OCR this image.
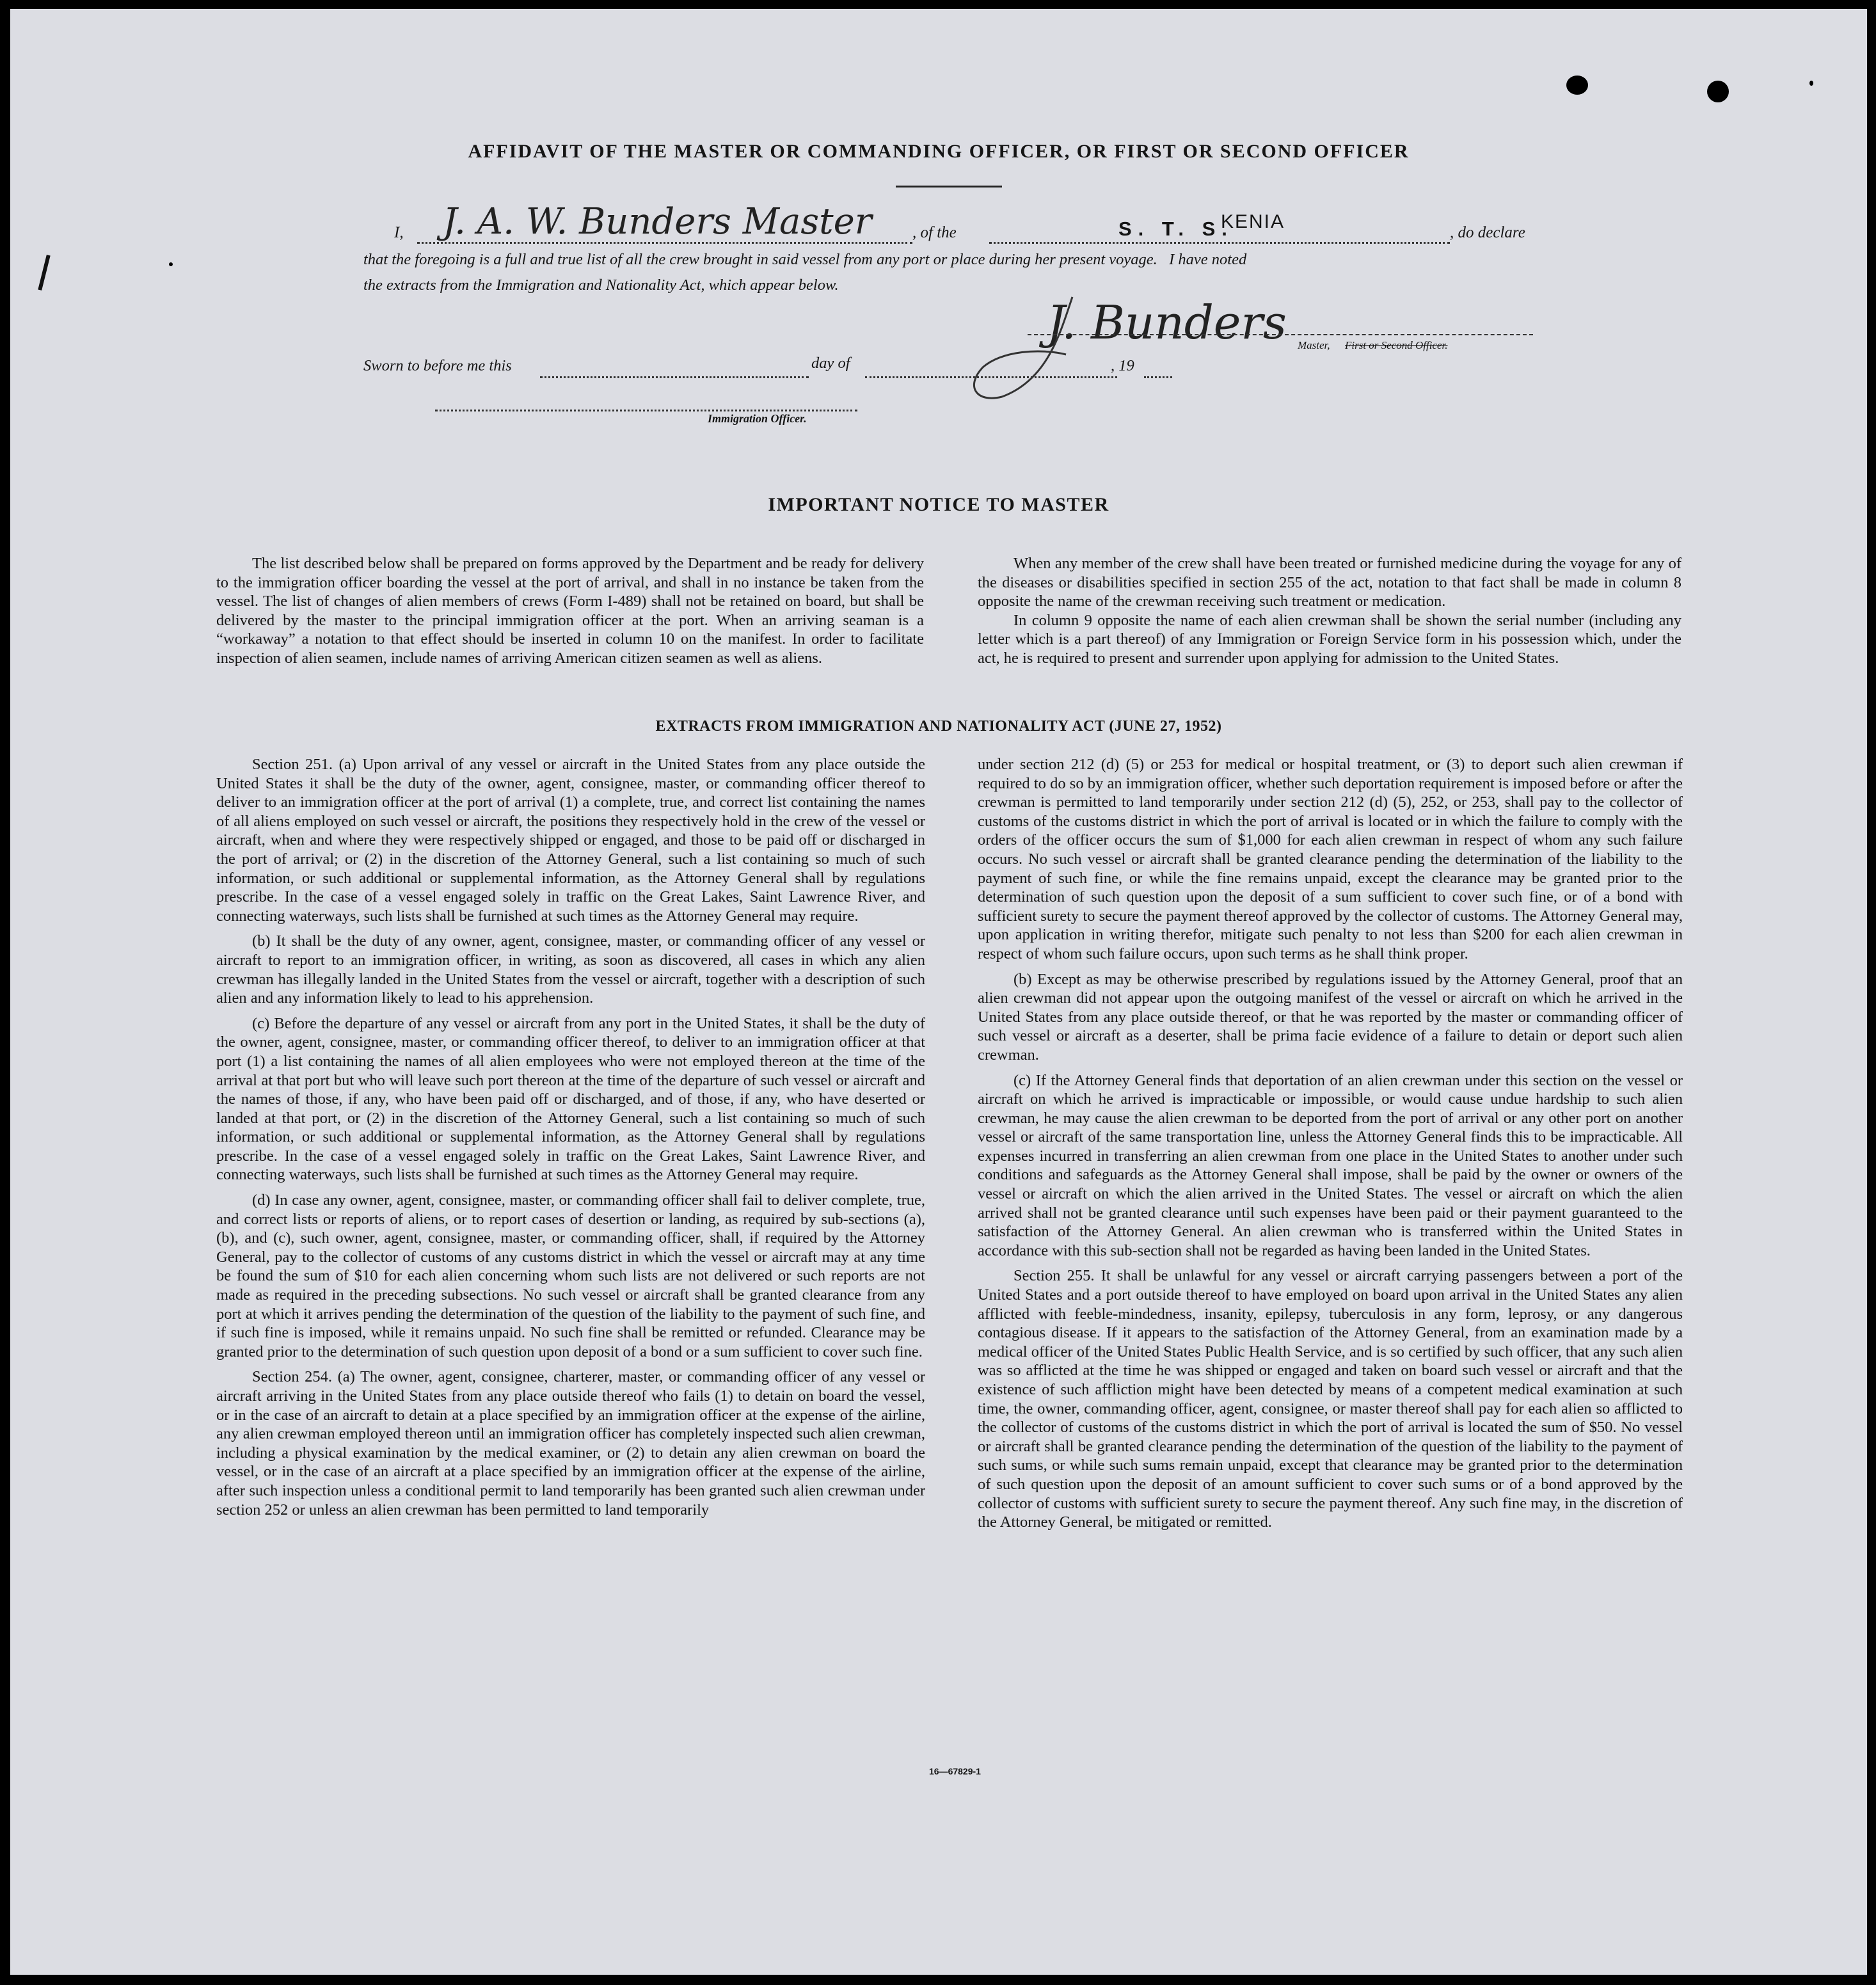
AFFIDAVIT OF THE MASTER OR COMMANDING OFFICER, OR FIRST OR SECOND OFFICER
I, J. A. W. Bunders Master	, of the	S. T. S.
KENIA
, do declare
that the foregoing is a full and true list of all the crew brought in said vessel from any port or place during her present voyage.   I have noted
the extracts from the Immigration and Nationality Act, which appear below.
J. Bunders Master, First or Second Officer.
Sworn to before me this	day of	, 19
Immigration Officer.
IMPORTANT NOTICE TO MASTER

The list described below shall be prepared on forms approved by the Department and be ready for delivery to the immigration officer boarding the vessel at the port of arrival, and shall in no instance be taken from the vessel. The list of changes of alien members of crews (Form I-489) shall not be retained on board, but shall be delivered by the master to the principal immigration officer at the port. When an arriving seaman is a “workaway” a notation to that effect should be inserted in column 10 on the manifest. In order to facilitate inspection of alien seamen, include names of arriving American citizen seamen as well as aliens.

When any member of the crew shall have been treated or furnished medicine during the voyage for any of the diseases or disabilities specified in section 255 of the act, notation to that fact shall be made in column 8 opposite the name of the crewman receiving such treatment or medication.

In column 9 opposite the name of each alien crewman shall be shown the serial number (including any letter which is a part thereof) of any Immigration or Foreign Service form in his possession which, under the act, he is required to present and surrender upon applying for admission to the United States.

EXTRACTS FROM IMMIGRATION AND NATIONALITY ACT (JUNE 27, 1952)

Section 251. (a) Upon arrival of any vessel or aircraft in the United States from any place outside the United States it shall be the duty of the owner, agent, consignee, master, or commanding officer thereof to deliver to an immigration officer at the port of arrival (1) a complete, true, and correct list containing the names of all aliens employed on such vessel or aircraft, the positions they respectively hold in the crew of the vessel or aircraft, when and where they were respectively shipped or engaged, and those to be paid off or discharged in the port of arrival; or (2) in the discretion of the Attorney General, such a list containing so much of such information, or such additional or supplemental information, as the Attorney General shall by regulations prescribe. In the case of a vessel engaged solely in traffic on the Great Lakes, Saint Lawrence River, and connecting waterways, such lists shall be furnished at such times as the Attorney General may require.

(b) It shall be the duty of any owner, agent, consignee, master, or commanding officer of any vessel or aircraft to report to an immigration officer, in writing, as soon as discovered, all cases in which any alien crewman has illegally landed in the United States from the vessel or aircraft, together with a description of such alien and any information likely to lead to his apprehension.

(c) Before the departure of any vessel or aircraft from any port in the United States, it shall be the duty of the owner, agent, consignee, master, or commanding officer thereof, to deliver to an immigration officer at that port (1) a list containing the names of all alien employees who were not employed thereon at the time of the arrival at that port but who will leave such port thereon at the time of the departure of such vessel or aircraft and the names of those, if any, who have been paid off or discharged, and of those, if any, who have deserted or landed at that port, or (2) in the discretion of the Attorney General, such a list containing so much of such information, or such additional or supplemental information, as the Attorney General shall by regulations prescribe. In the case of a vessel engaged solely in traffic on the Great Lakes, Saint Lawrence River, and connecting waterways, such lists shall be furnished at such times as the Attorney General may require.

(d) In case any owner, agent, consignee, master, or commanding officer shall fail to deliver complete, true, and correct lists or reports of aliens, or to report cases of desertion or landing, as required by sub-sections (a), (b), and (c), such owner, agent, consignee, master, or commanding officer, shall, if required by the Attorney General, pay to the collector of customs of any customs district in which the vessel or aircraft may at any time be found the sum of $10 for each alien concerning whom such lists are not delivered or such reports are not made as required in the preceding subsections. No such vessel or aircraft shall be granted clearance from any port at which it arrives pending the determination of the question of the liability to the payment of such fine, and if such fine is imposed, while it remains unpaid. No such fine shall be remitted or refunded. Clearance may be granted prior to the determination of such question upon deposit of a bond or a sum sufficient to cover such fine.

Section 254. (a) The owner, agent, consignee, charterer, master, or commanding officer of any vessel or aircraft arriving in the United States from any place outside thereof who fails (1) to detain on board the vessel, or in the case of an aircraft to detain at a place specified by an immigration officer at the expense of the airline, any alien crewman employed thereon until an immigration officer has completely inspected such alien crewman, including a physical examination by the medical examiner, or (2) to detain any alien crewman on board the vessel, or in the case of an aircraft at a place specified by an immigration officer at the expense of the airline, after such inspection unless a conditional permit to land temporarily has been granted such alien crewman under section 252 or unless an alien crewman has been permitted to land temporarily

under section 212 (d) (5) or 253 for medical or hospital treatment, or (3) to deport such alien crewman if required to do so by an immigration officer, whether such deportation requirement is imposed before or after the crewman is permitted to land temporarily under section 212 (d) (5), 252, or 253, shall pay to the collector of customs of the customs district in which the port of arrival is located or in which the failure to comply with the orders of the officer occurs the sum of $1,000 for each alien crewman in respect of whom any such failure occurs. No such vessel or aircraft shall be granted clearance pending the determination of the liability to the payment of such fine, or while the fine remains unpaid, except the clearance may be granted prior to the determination of such question upon the deposit of a sum sufficient to cover such fine, or of a bond with sufficient surety to secure the payment thereof approved by the collector of customs. The Attorney General may, upon application in writing therefor, mitigate such penalty to not less than $200 for each alien crewman in respect of whom such failure occurs, upon such terms as he shall think proper.

(b) Except as may be otherwise prescribed by regulations issued by the Attorney General, proof that an alien crewman did not appear upon the outgoing manifest of the vessel or aircraft on which he arrived in the United States from any place outside thereof, or that he was reported by the master or commanding officer of such vessel or aircraft as a deserter, shall be prima facie evidence of a failure to detain or deport such alien crewman.

(c) If the Attorney General finds that deportation of an alien crewman under this section on the vessel or aircraft on which he arrived is impracticable or impossible, or would cause undue hardship to such alien crewman, he may cause the alien crewman to be deported from the port of arrival or any other port on another vessel or aircraft of the same transportation line, unless the Attorney General finds this to be impracticable. All expenses incurred in transferring an alien crewman from one place in the United States to another under such conditions and safeguards as the Attorney General shall impose, shall be paid by the owner or owners of the vessel or aircraft on which the alien arrived in the United States. The vessel or aircraft on which the alien arrived shall not be granted clearance until such expenses have been paid or their payment guaranteed to the satisfaction of the Attorney General. An alien crewman who is transferred within the United States in accordance with this sub-section shall not be regarded as having been landed in the United States.

Section 255. It shall be unlawful for any vessel or aircraft carrying passengers between a port of the United States and a port outside thereof to have employed on board upon arrival in the United States any alien afflicted with feeble-mindedness, insanity, epilepsy, tuberculosis in any form, leprosy, or any dangerous contagious disease. If it appears to the satisfaction of the Attorney General, from an examination made by a medical officer of the United States Public Health Service, and is so certified by such officer, that any such alien was so afflicted at the time he was shipped or engaged and taken on board such vessel or aircraft and that the existence of such affliction might have been detected by means of a competent medical examination at such time, the owner, commanding officer, agent, consignee, or master thereof shall pay for each alien so afflicted to the collector of customs of the customs district in which the port of arrival is located the sum of $50. No vessel or aircraft shall be granted clearance pending the determination of the question of the liability to the payment of such sums, or while such sums remain unpaid, except that clearance may be granted prior to the determination of such question upon the deposit of an amount sufficient to cover such sums or of a bond approved by the collector of customs with sufficient surety to secure the payment thereof. Any such fine may, in the discretion of the Attorney General, be mitigated or remitted.

16—67829-1
